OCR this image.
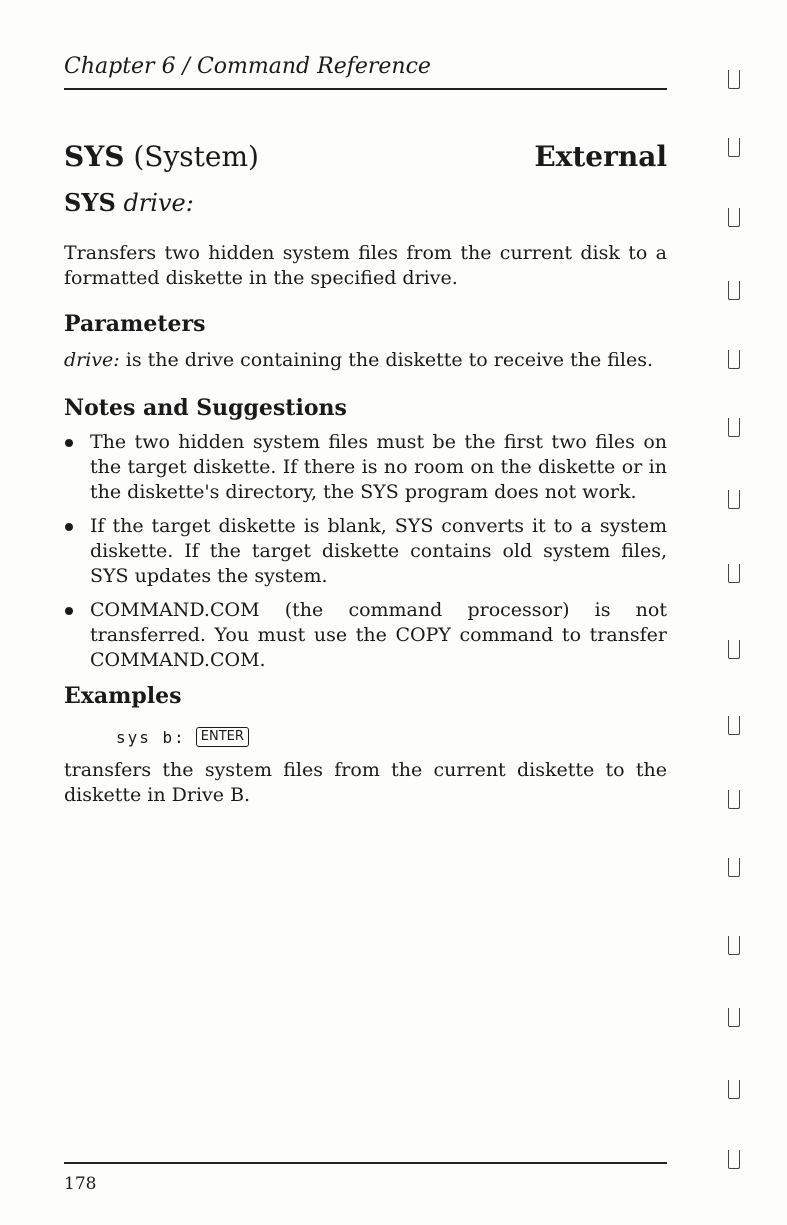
Chapter 6 / Command Reference
SYS (System)	External
SYS drive:
Transfers two hidden system files from the current disk to a formatted diskette in the specified drive.
Parameters
drive: is the drive containing the diskette to receive the files.
Notes and Suggestions
The two hidden system files must be the first two files on the target diskette. If there is no room on the diskette or in the diskette's directory, the SYS program does not work.
If the target diskette is blank, SYS converts it to a system diskette. If the target diskette contains old system files, SYS updates the system.
COMMAND.COM (the command processor) is not transferred. You must use the COPY command to transfer COMMAND.COM.
Examples
sys b:	ENTER
transfers the system files from the current diskette to the diskette in Drive B.
178
